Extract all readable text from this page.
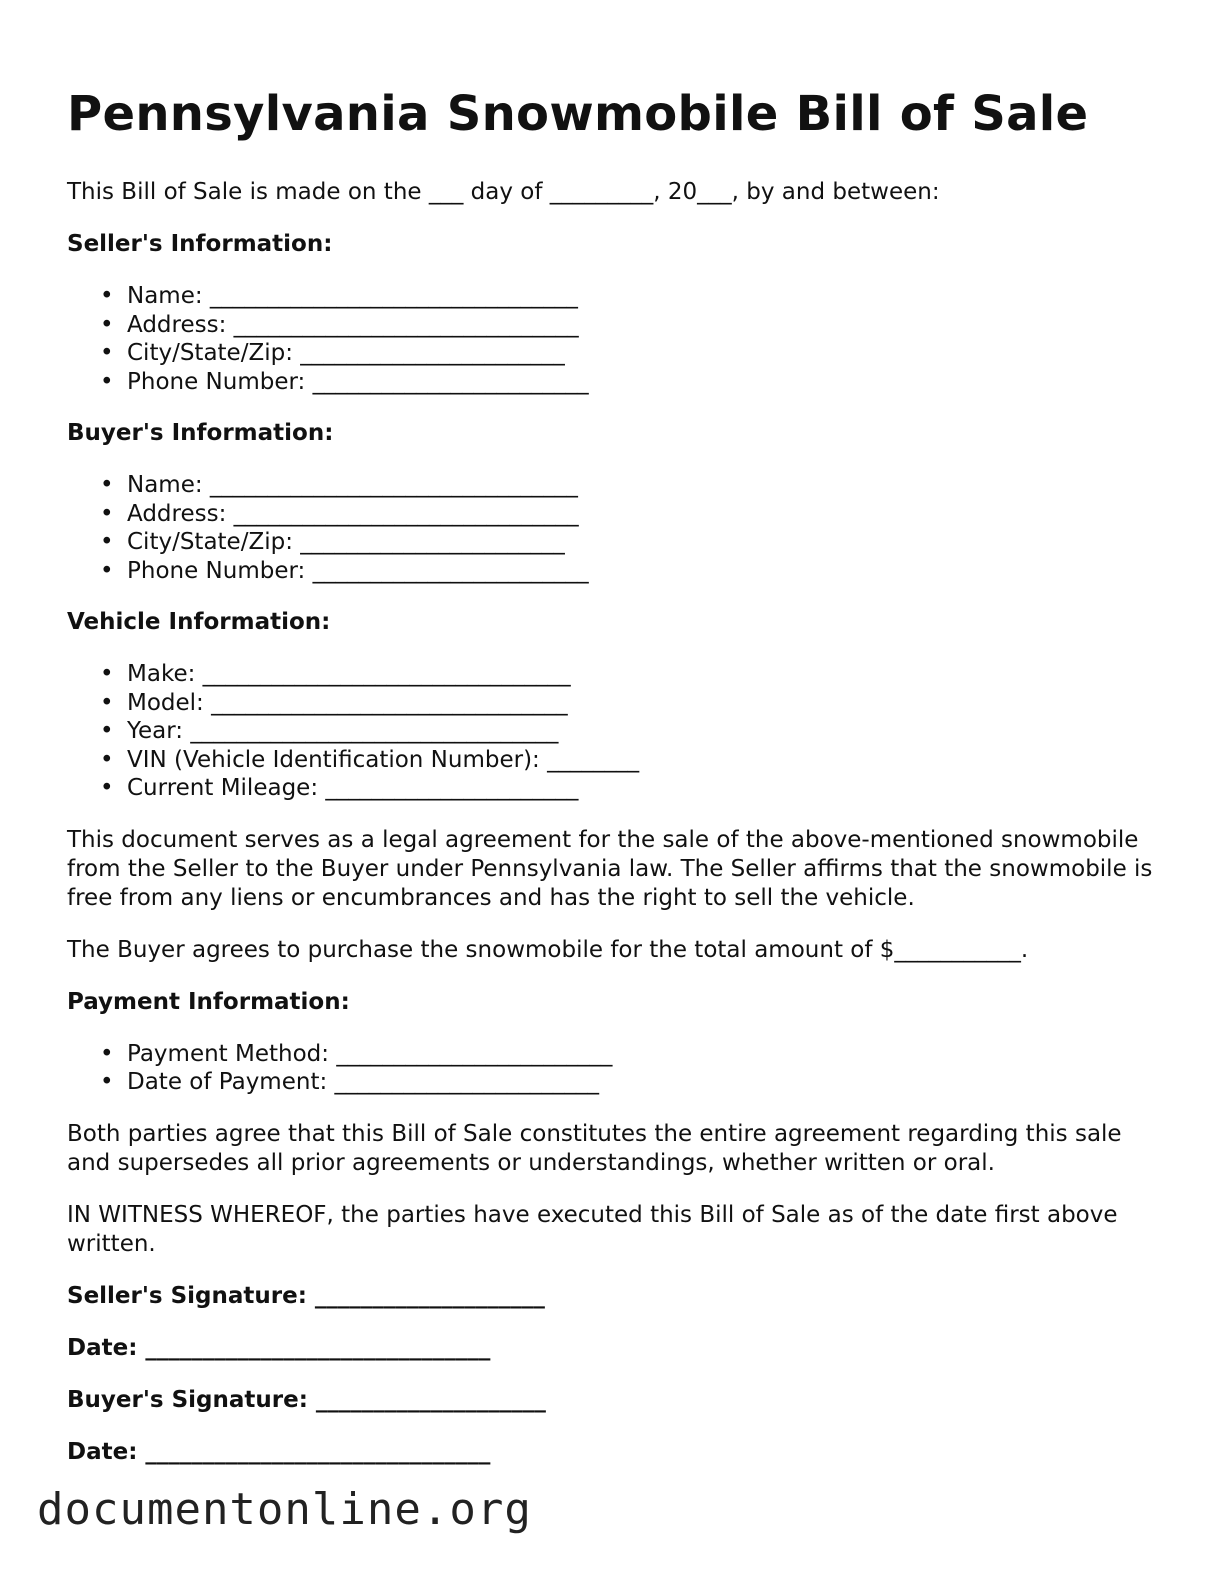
Pennsylvania Snowmobile Bill of Sale

This Bill of Sale is made on the ___ day of _________, 20___, by and between:

Seller's Information:
• Name: ________________________________
• Address: ______________________________
• City/State/Zip: _______________________
• Phone Number: ________________________
Buyer's Information:
• Name: ________________________________
• Address: ______________________________
• City/State/Zip: _______________________
• Phone Number: ________________________
Vehicle Information:
• Make: ________________________________
• Model: _______________________________
• Year: ________________________________
• VIN (Vehicle Identification Number): ________
• Current Mileage: ______________________

This document serves as a legal agreement for the sale of the above-mentioned snowmobile from the Seller to the Buyer under Pennsylvania law. The Seller affirms that the snowmobile is free from any liens or encumbrances and has the right to sell the vehicle.

The Buyer agrees to purchase the snowmobile for the total amount of $___________.

Payment Information:
• Payment Method: ________________________
• Date of Payment: _______________________

Both parties agree that this Bill of Sale constitutes the entire agreement regarding this sale and supersedes all prior agreements or understandings, whether written or oral.

IN WITNESS WHEREOF, the parties have executed this Bill of Sale as of the date first above written.

Seller's Signature: ____________________
Date: ______________________________
Buyer's Signature: ____________________
Date: ______________________________
documentonline.org
